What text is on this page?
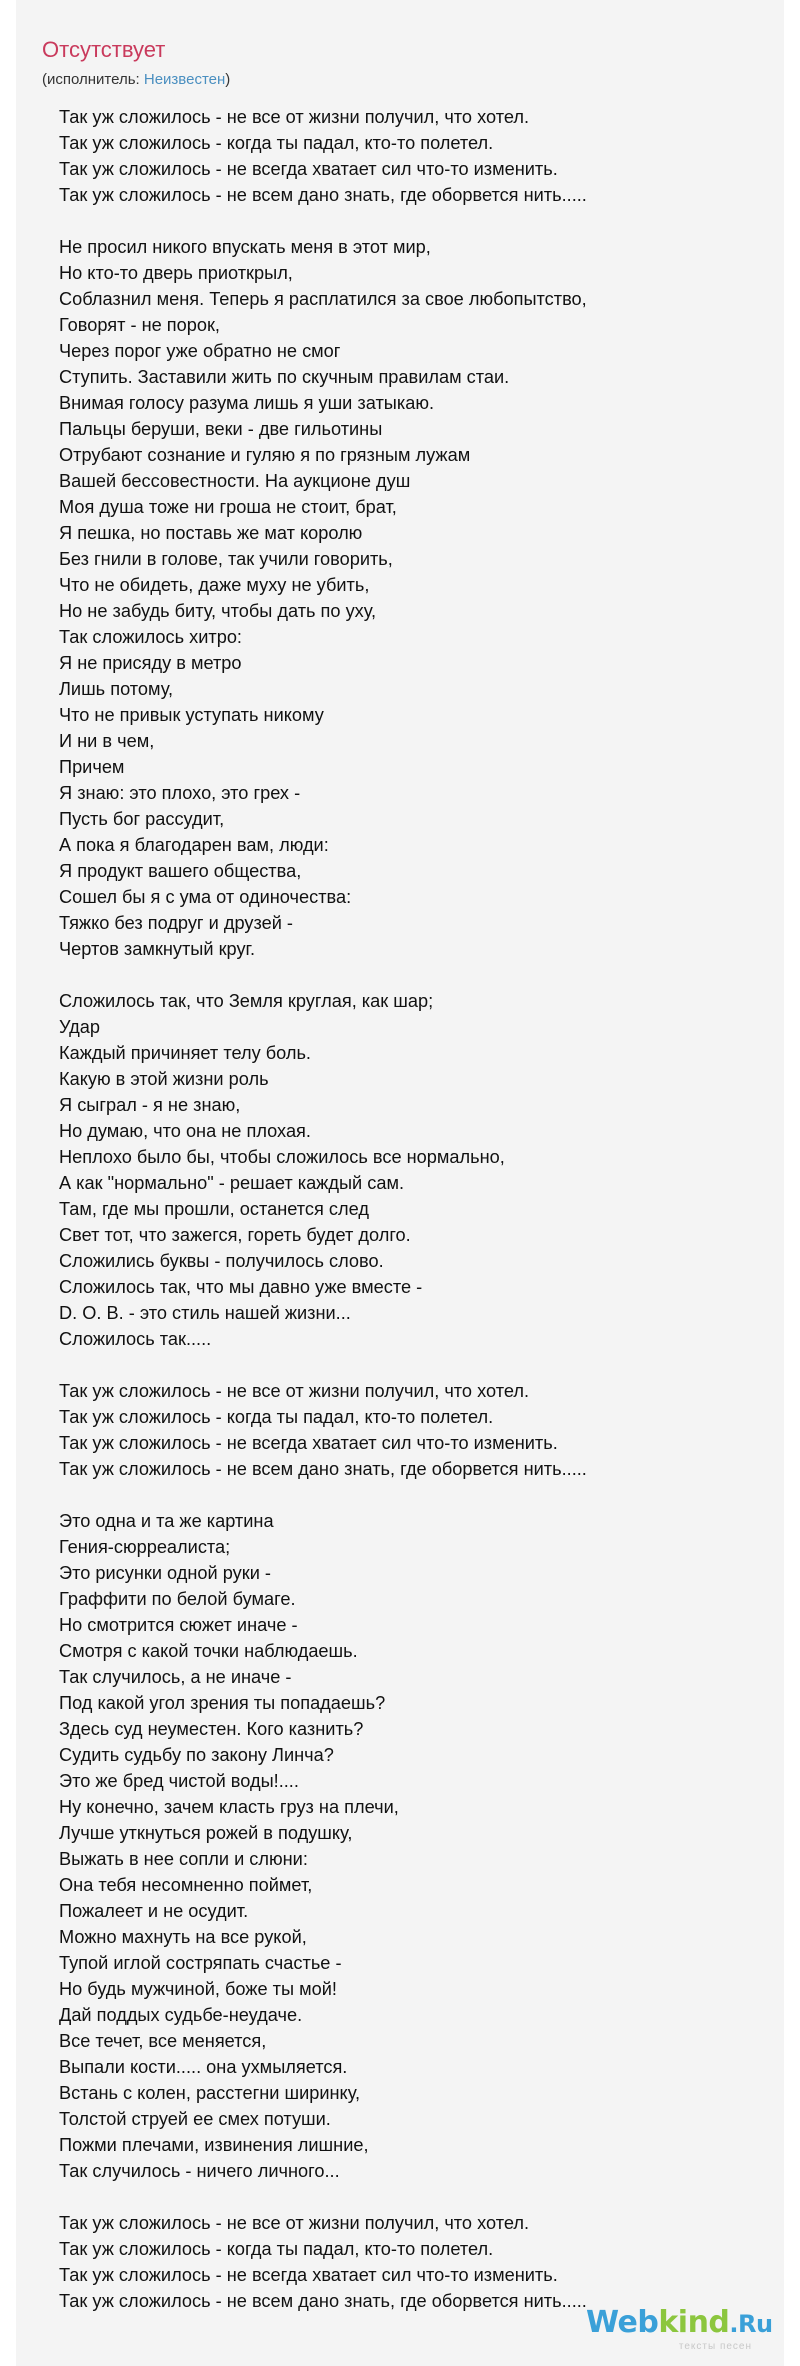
Отсутствует
(исполнитель: Неизвестен)
Так уж сложилось - не все от жизни получил, что хотел.
Так уж сложилось - когда ты падал, кто-то полетел.
Так уж сложилось - не всегда хватает сил что-то изменить.
Так уж сложилось - не всем дано знать, где оборвется нить.....
Не просил никого впускать меня в этот мир,
Но кто-то дверь приоткрыл,
Соблазнил меня. Теперь я расплатился за свое любопытство,
Говорят - не порок,
Через порог уже обратно не смог
Ступить. Заставили жить по скучным правилам стаи.
Внимая голосу разума лишь я уши затыкаю.
Пальцы беруши, веки - две гильотины
Отрубают сознание и гуляю я по грязным лужам
Вашей бессовестности. На аукционе душ
Моя душа тоже ни гроша не стоит, брат,
Я пешка, но поставь же мат королю
Без гнили в голове, так учили говорить,
Что не обидеть, даже муху не убить,
Но не забудь биту, чтобы дать по уху,
Так сложилось хитро:
Я не присяду в метро
Лишь потому,
Что не привык уступать никому
И ни в чем,
Причем
Я знаю: это плохо, это грех -
Пусть бог рассудит,
А пока я благодарен вам, люди:
Я продукт вашего общества,
Сошел бы я с ума от одиночества:
Тяжко без подруг и друзей -
Чертов замкнутый круг.
Сложилось так, что Земля круглая, как шар;
Удар
Каждый причиняет телу боль.
Какую в этой жизни роль
Я сыграл - я не знаю,
Но думаю, что она не плохая.
Неплохо было бы, чтобы сложилось все нормально,
А как "нормально" - решает каждый сам.
Там, где мы прошли, останется след
Свет тот, что зажегся, гореть будет долго.
Сложились буквы - получилось слово.
Сложилось так, что мы давно уже вместе -
D. O. B. - это стиль нашей жизни...
Сложилось так.....
Так уж сложилось - не все от жизни получил, что хотел.
Так уж сложилось - когда ты падал, кто-то полетел.
Так уж сложилось - не всегда хватает сил что-то изменить.
Так уж сложилось - не всем дано знать, где оборвется нить.....
Это одна и та же картина
Гения-сюрреалиста;
Это рисунки одной руки -
Граффити по белой бумаге.
Но смотрится сюжет иначе -
Смотря с какой точки наблюдаешь.
Так случилось, а не иначе -
Под какой угол зрения ты попадаешь?
Здесь суд неуместен. Кого казнить?
Судить судьбу по закону Линча?
Это же бред чистой воды!....
Ну конечно, зачем класть груз на плечи,
Лучше уткнуться рожей в подушку,
Выжать в нее сопли и слюни:
Она тебя несомненно поймет,
Пожалеет и не осудит.
Можно махнуть на все рукой,
Тупой иглой состряпать счастье -
Но будь мужчиной, боже ты мой!
Дай поддых судьбе-неудаче.
Все течет, все меняется,
Выпали кости..... она ухмыляется.
Встань с колен, расстегни ширинку,
Толстой струей ее смех потуши.
Пожми плечами, извинения лишние,
Так случилось - ничего личного...
Так уж сложилось - не все от жизни получил, что хотел.
Так уж сложилось - когда ты падал, кто-то полетел.
Так уж сложилось - не всегда хватает сил что-то изменить.
Так уж сложилось - не всем дано знать, где оборвется нить.....
Webkind.Ru
тексты песен
